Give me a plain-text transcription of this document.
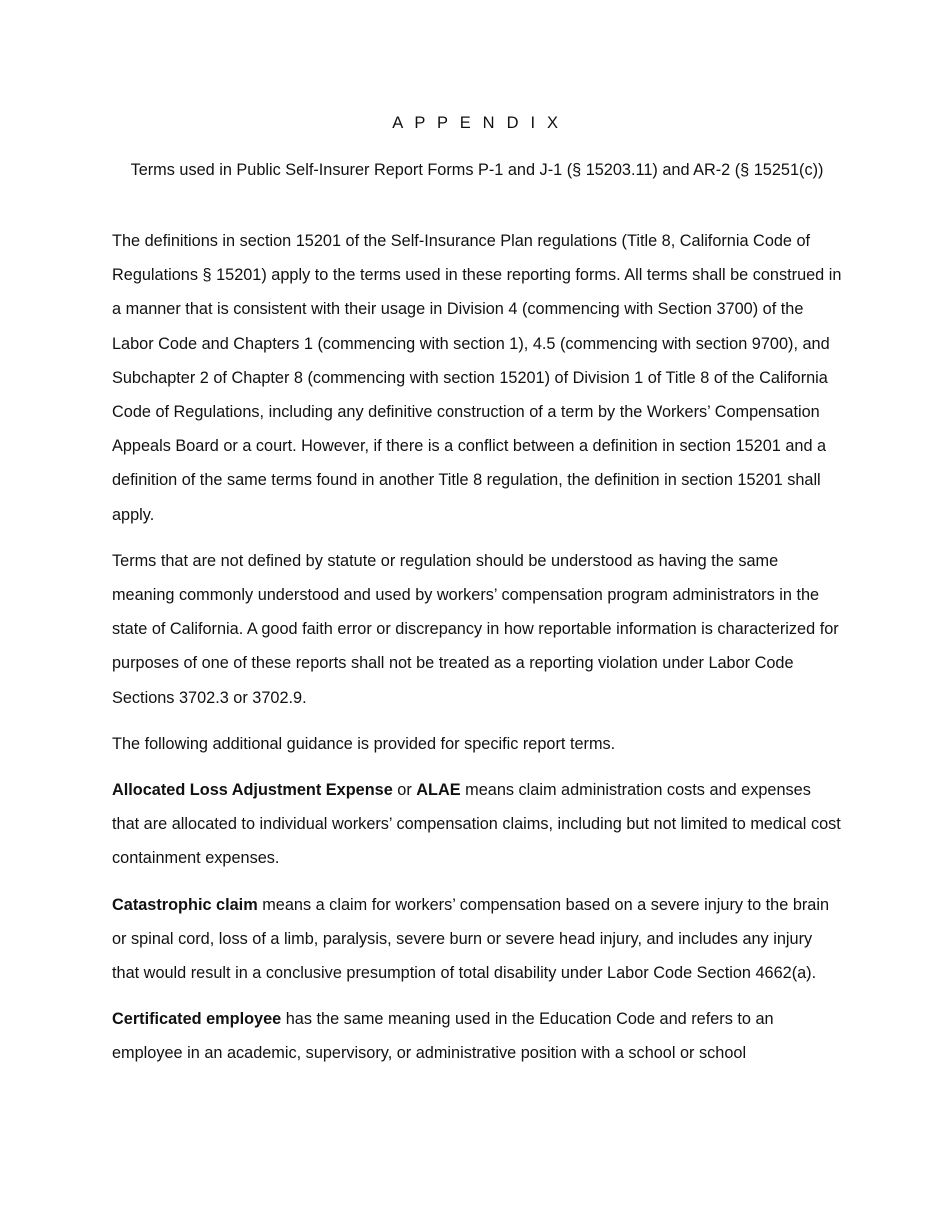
A P P E N D I X
Terms used in Public Self-Insurer Report Forms P-1 and J-1 (§ 15203.11) and AR-2 (§ 15251(c))

The definitions in section 15201 of the Self-Insurance Plan regulations (Title 8, California Code of Regulations § 15201) apply to the terms used in these reporting forms. All terms shall be construed in a manner that is consistent with their usage in Division 4 (commencing with Section 3700) of the Labor Code and Chapters 1 (commencing with section 1), 4.5 (commencing with section 9700), and Subchapter 2 of Chapter 8 (commencing with section 15201) of Division 1 of Title 8 of the California Code of Regulations, including any definitive construction of a term by the Workers’ Compensation Appeals Board or a court. However, if there is a conflict between a definition in section 15201 and a definition of the same terms found in another Title 8 regulation, the definition in section 15201 shall apply.

Terms that are not defined by statute or regulation should be understood as having the same meaning commonly understood and used by workers’ compensation program administrators in the state of California. A good faith error or discrepancy in how reportable information is characterized for purposes of one of these reports shall not be treated as a reporting violation under Labor Code Sections 3702.3 or 3702.9.

The following additional guidance is provided for specific report terms.

Allocated Loss Adjustment Expense or ALAE means claim administration costs and expenses that are allocated to individual workers’ compensation claims, including but not limited to medical cost containment expenses.

Catastrophic claim means a claim for workers’ compensation based on a severe injury to the brain or spinal cord, loss of a limb, paralysis, severe burn or severe head injury, and includes any injury that would result in a conclusive presumption of total disability under Labor Code Section 4662(a).

Certificated employee has the same meaning used in the Education Code and refers to an employee in an academic, supervisory, or administrative position with a school or school
